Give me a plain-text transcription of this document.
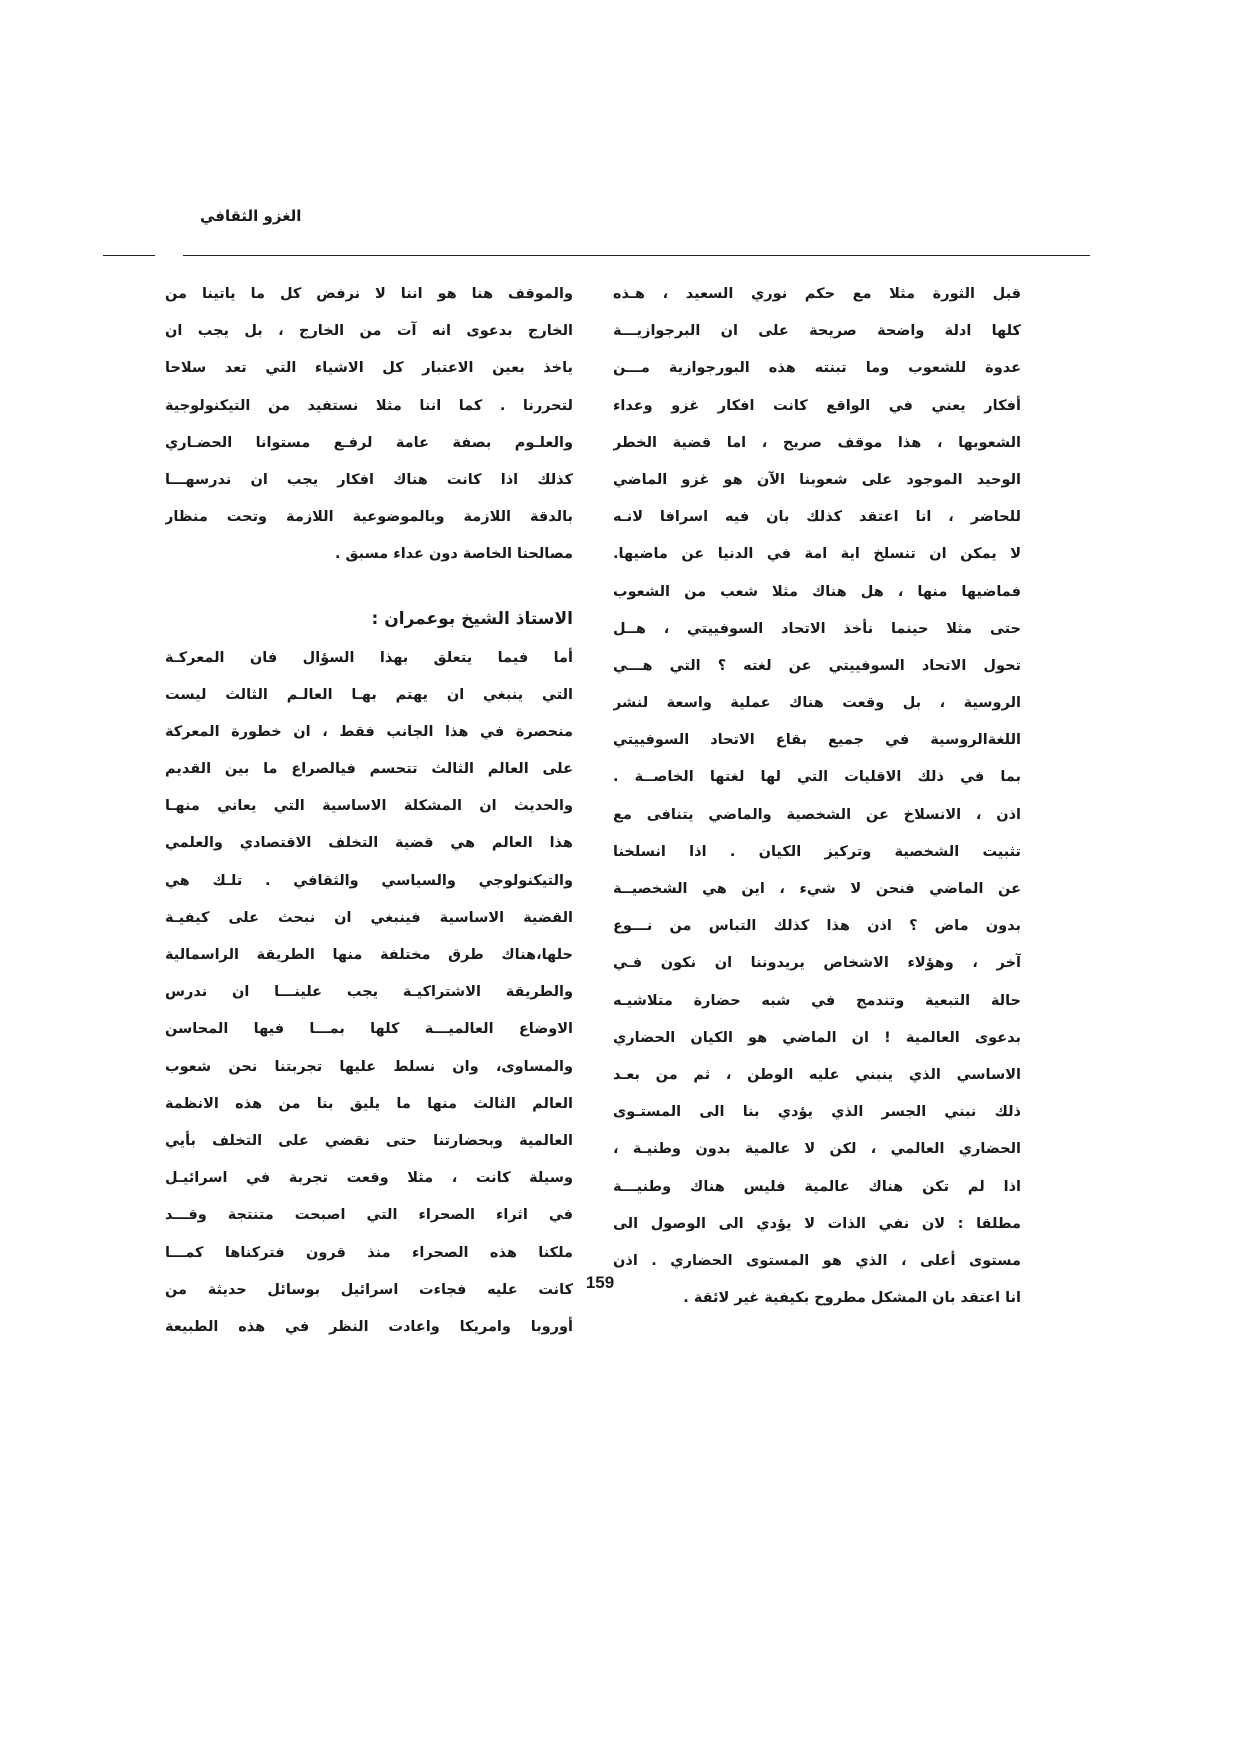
الغزو الثقافي
قبل الثورة مثلا مع حكم نوري السعيد ، هـذه
كلها ادلة واضحة صريحة على ان البرجوازيـــة
عدوة للشعوب وما تبنته هذه البورجوازية مـــن
أفكار يعني في الواقع كانت افكار غزو وعداء
الشعوبها ، هذا موقف صريح ، اما قضية الخطر
الوحيد الموجود على شعوبنا الآن هو غزو الماضي
للحاضر ، انا اعتقد كذلك بان فيه اسرافا لانـه
لا يمكن ان تنسلخ اية امة في الدنيا عن ماضيها.
فماضيها منها ، هل هناك مثلا شعب من الشعوب
حتى مثلا حينما نأخذ الاتحاد السوفييتي ، هــل
تحول الاتحاد السوفييتي عن لغته ؟ التي هـــي
الروسية ، بل وقعت هناك عملية واسعة لنشر
اللغةالروسية في جميع بقاع الاتحاد السوفييتي
بما في ذلك الاقليات التي لها لغتها الخاصــة .
اذن ، الانسلاخ عن الشخصية والماضي يتنافى مع
تثبيت الشخصية وتركيز الكيان . اذا انسلخنا
عن الماضي فنحن لا شيء ، اين هي الشخصيــة
بدون ماض ؟ اذن هذا كذلك التباس من نـــوع
آخر ، وهؤلاء الاشخاص يريدوننا ان نكون فـي
حالة التبعية وتندمج في شبه حضارة متلاشيـه
بدعوى العالمية ! ان الماضي هو الكيان الحضاري
الاساسي الذي ينبني عليه الوطن ، ثم من بعـد
ذلك نبني الجسر الذي يؤدي بنا الى المستـوى
الحضاري العالمي ، لكن لا عالمية بدون وطنيـة ،
اذا لم تكن هناك عالمية فليس هناك وطنيـــة
مطلقا : لان نفي الذات لا يؤدي الى الوصول الى
مستوى أعلى ، الذي هو المستوى الحضاري . اذن
انا اعتقد بان المشكل مطروح بكيفية غير لائقة .
والموقف هنا هو اننا لا نرفض كل ما ياتينا من
الخارج بدعوى انه آت من الخارج ، بل يجب ان
ياخذ بعين الاعتبار كل الاشياء التي تعد سلاحا
لتحررنا . كما اننا مثلا نستفيد من التيكنولوجية
والعلـوم بصفة عامة لرفـع مستوانا الحضـاري
كذلك اذا كانت هناك افكار يجب ان ندرسهـــا
بالدقة اللازمة وبالموضوعية اللازمة وتحت منظار
مصالحنا الخاصة دون عداء مسبق .
الاستاذ الشيخ بوعمران :
أما فيما يتعلق بهذا السؤال فان المعركـة
التي ينبغي ان يهتم بهـا العالـم الثالث ليست
منحصرة في هذا الجانب فقط ، ان خطورة المعركة
على العالم الثالث تتحسم فيالصراع ما بين القديم
والحديث ان المشكلة الاساسية التي يعاني منهـا
هذا العالم هي قضية التخلف الاقتصادي والعلمي
والتيكنولوجي والسياسي والثقافي . تلـك هي
القضية الاساسية فينبغي ان نبحث على كيفيـة
حلها،هناك طرق مختلفة منها الطريقة الراسمالية
والطريقة الاشتراكيـة يجب علينـــا ان ندرس
الاوضاع العالميـــة كلها بمـــا فيها المحاسن
والمساوى، وان نسلط عليها تجربتنا نحن شعوب
العالم الثالث منها ما يليق بنا من هذه الانظمة
العالمية وبحضارتنا حتى نقضي على التخلف بأيي
وسيلة كانت ، مثلا وقعت تجربة في اسرائيـل
في اثراء الصحراء التي اصبحت متنتجة وقـــد
ملكنا هذه الصحراء منذ قرون فتركناها كمـــا
كانت عليه فجاءت اسرائيل بوسائل حديثة من
أوروبا وامريكا واعادت النظر في هذه الطبيعة
159
